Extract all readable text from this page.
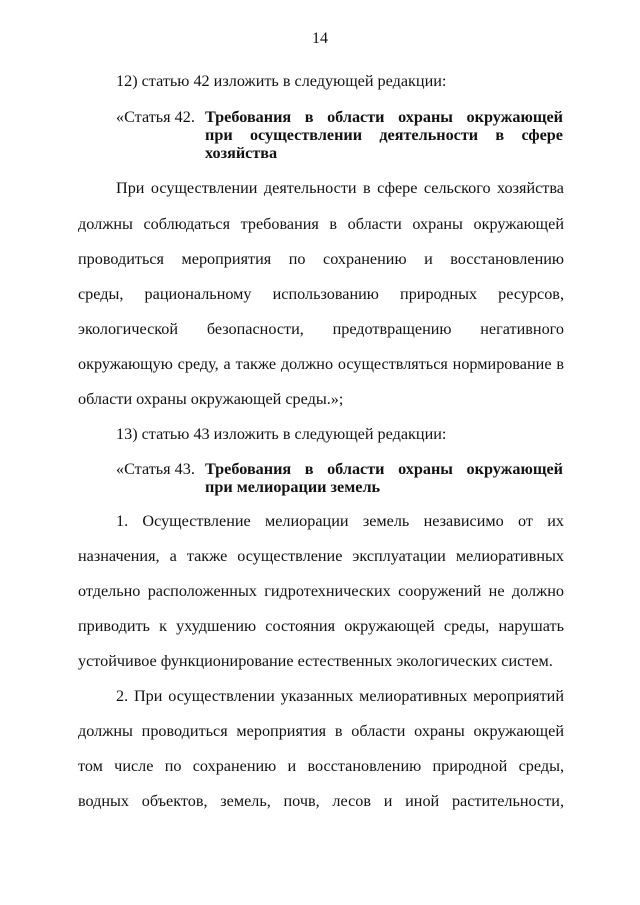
14
12) статью 42 изложить в следующей редакции:
«Статья 42. Требования в области охраны окружающей
при осуществлении деятельности в сфере
хозяйства
При осуществлении деятельности в сфере сельского хозяйства
должны соблюдаться требования в области охраны окружающей
проводиться мероприятия по сохранению и восстановлению
среды, рациональному использованию природных ресурсов,
экологической безопасности, предотвращению негативного
окружающую среду, а также должно осуществляться нормирование в
области охраны окружающей среды.»;
13) статью 43 изложить в следующей редакции:
«Статья 43. Требования в области охраны окружающей
при мелиорации земель
1. Осуществление мелиорации земель независимо от их
назначения, а также осуществление эксплуатации мелиоративных
отдельно расположенных гидротехнических сооружений не должно
приводить к ухудшению состояния окружающей среды, нарушать
устойчивое функционирование естественных экологических систем.
2. При осуществлении указанных мелиоративных мероприятий
должны проводиться мероприятия в области охраны окружающей
том числе по сохранению и восстановлению природной среды,
водных объектов, земель, почв, лесов и иной растительности,
